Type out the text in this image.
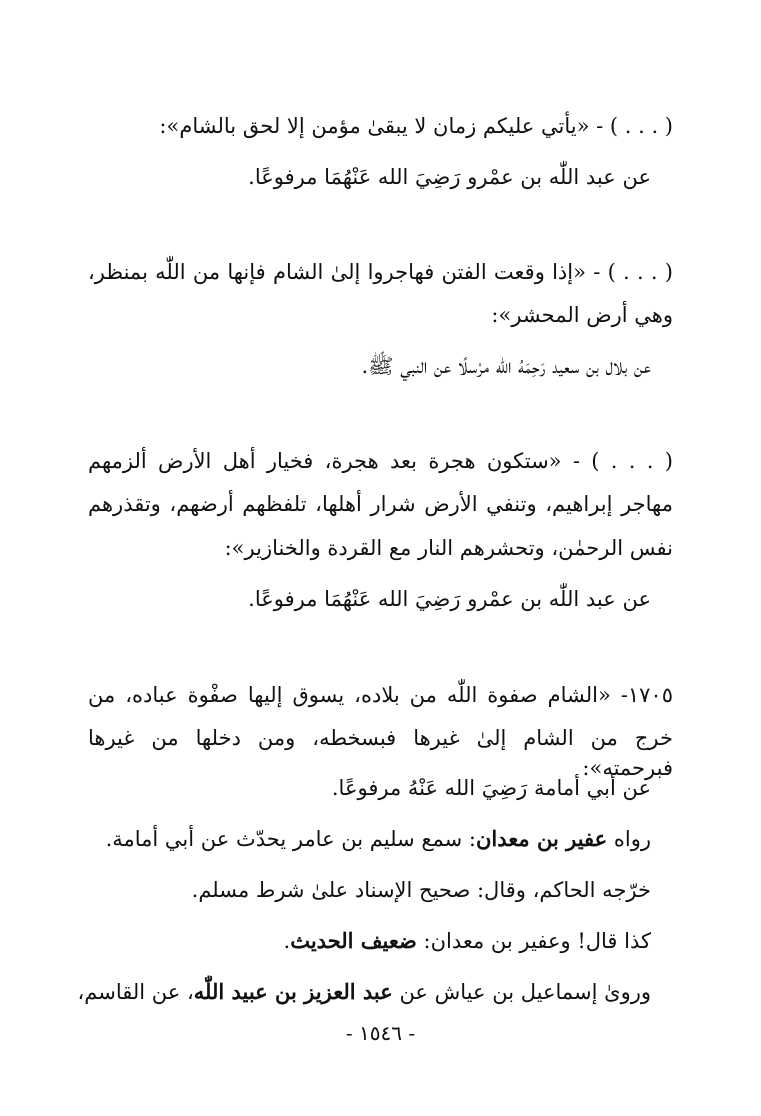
( . . . ) - «يأتي عليكم زمان لا يبقىٰ مؤمن إلا لحق بالشام»:
عن عبد اللّٰه بن عمْرو رَضِيَ الله عَنْهُمَا مرفوعًا.
( . . . ) - «إذا وقعت الفتن فهاجروا إلىٰ الشام فإنها من اللّٰه بمنظر،
وهي أرض المحشر»:
عن بلال بن سعيد رَحِمَهُ الله مرْسلًا عن النبي ﷺ.
( . . . ) - «ستكون هجرة بعد هجرة، فخيار أهل الأرض ألزمهم
مهاجر إبراهيم، وتنفي الأرض شرار أهلها، تلفظهم أرضهم، وتقذرهم
نفس الرحمٰن، وتحشرهم النار مع القردة والخنازير»:
عن عبد اللّٰه بن عمْرو رَضِيَ الله عَنْهُمَا مرفوعًا.
١٧٠٥- «الشام صفوة اللّٰه من بلاده، يسوق إليها صفْوة عباده، من
خرج من الشام إلىٰ غيرها فبسخطه، ومن دخلها من غيرها فبرحمته»:
عن أبي أمامة رَضِيَ الله عَنْهُ مرفوعًا.
رواه عفير بن معدان: سمع سليم بن عامر يحدّث عن أبي أمامة.
خرّجه الحاكم، وقال: صحيح الإسناد علىٰ شرط مسلم.
كذا قال! وعفير بن معدان: ضعيف الحديث.
وروىٰ إسماعيل بن عياش عن عبد العزيز بن عبيد اللّٰه، عن القاسم،
- ١٥٤٦ -
